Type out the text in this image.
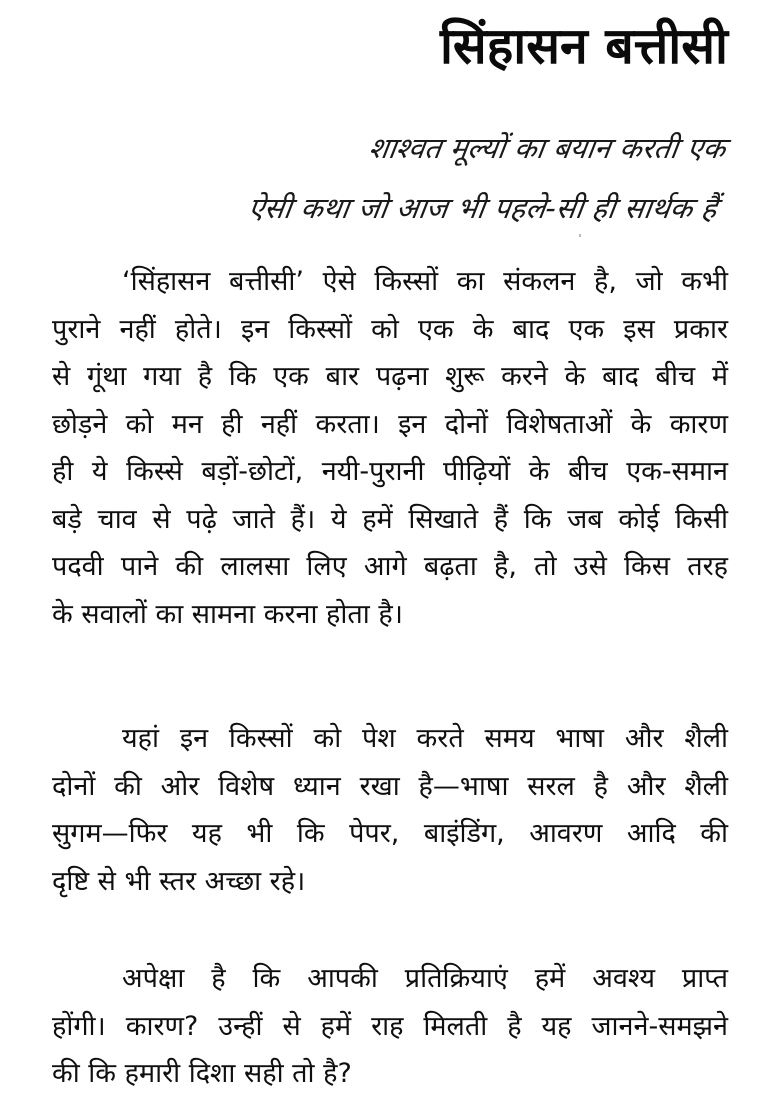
सिंहासन बत्तीसी
शाश्वत मूल्यों का बयान करती एक
ऐसी कथा जो आज भी पहले-सी ही सार्थक हैं
‘सिंहासन बत्तीसी’ ऐसे किस्सों का संकलन है, जो कभी
पुराने नहीं होते। इन किस्सों को एक के बाद एक इस प्रकार
से गूंथा गया है कि एक बार पढ़ना शुरू करने के बाद बीच में
छोड़ने को मन ही नहीं करता। इन दोनों विशेषताओं के कारण
ही ये किस्से बड़ों-छोटों, नयी-पुरानी पीढ़ियों के बीच एक-समान
बड़े चाव से पढ़े जाते हैं। ये हमें सिखाते हैं कि जब कोई किसी
पदवी पाने की लालसा लिए आगे बढ़ता है, तो उसे किस तरह
के सवालों का सामना करना होता है।
यहां इन किस्सों को पेश करते समय भाषा और शैली
दोनों की ओर विशेष ध्यान रखा है—भाषा सरल है और शैली
सुगम—फिर यह भी कि पेपर, बाइंडिंग, आवरण आदि की
दृष्टि से भी स्तर अच्छा रहे।
अपेक्षा है कि आपकी प्रतिक्रियाएं हमें अवश्य प्राप्त
होंगी। कारण? उन्हीं से हमें राह मिलती है यह जानने-समझने
की कि हमारी दिशा सही तो है?
